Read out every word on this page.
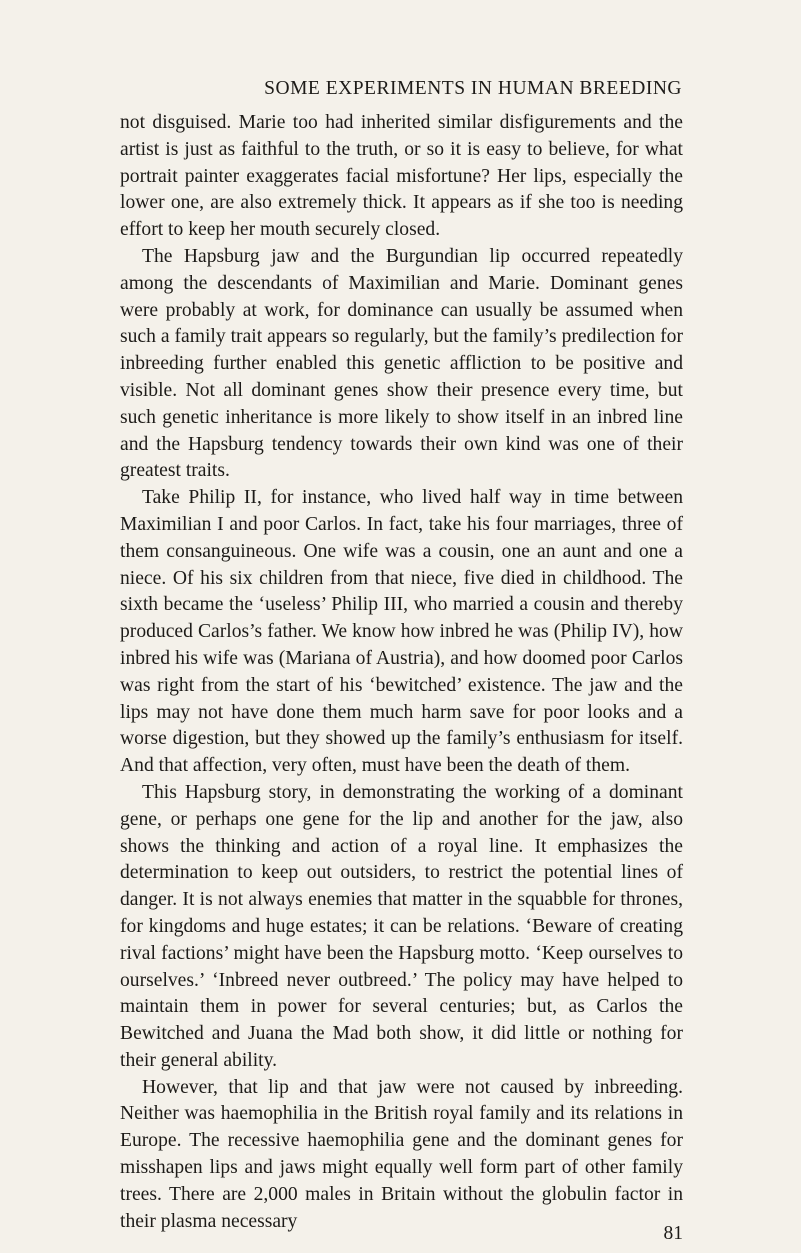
SOME EXPERIMENTS IN HUMAN BREEDING

not disguised. Marie too had inherited similar disfigurements and the artist is just as faithful to the truth, or so it is easy to believe, for what portrait painter exaggerates facial misfortune? Her lips, especially the lower one, are also extremely thick. It appears as if she too is needing effort to keep her mouth securely closed.

The Hapsburg jaw and the Burgundian lip occurred repeatedly among the descendants of Maximilian and Marie. Dominant genes were probably at work, for dominance can usually be assumed when such a family trait appears so regularly, but the family’s predilection for inbreeding further enabled this genetic affliction to be positive and visible. Not all dominant genes show their presence every time, but such genetic inheritance is more likely to show itself in an inbred line and the Hapsburg tendency towards their own kind was one of their greatest traits.

Take Philip II, for instance, who lived half way in time between Maximilian I and poor Carlos. In fact, take his four marriages, three of them consanguineous. One wife was a cousin, one an aunt and one a niece. Of his six children from that niece, five died in childhood. The sixth became the ‘useless’ Philip III, who married a cousin and thereby produced Carlos’s father. We know how inbred he was (Philip IV), how inbred his wife was (Mariana of Austria), and how doomed poor Carlos was right from the start of his ‘bewitched’ existence. The jaw and the lips may not have done them much harm save for poor looks and a worse digestion, but they showed up the family’s enthusiasm for itself. And that affection, very often, must have been the death of them.

This Hapsburg story, in demonstrating the working of a dominant gene, or perhaps one gene for the lip and another for the jaw, also shows the thinking and action of a royal line. It emphasizes the determination to keep out outsiders, to restrict the potential lines of danger. It is not always enemies that matter in the squabble for thrones, for kingdoms and huge estates; it can be relations. ‘Beware of creating rival factions’ might have been the Hapsburg motto. ‘Keep ourselves to ourselves.’ ‘Inbreed never outbreed.’ The policy may have helped to maintain them in power for several centuries; but, as Carlos the Bewitched and Juana the Mad both show, it did little or nothing for their general ability.

However, that lip and that jaw were not caused by inbreeding. Neither was haemophilia in the British royal family and its relations in Europe. The recessive haemophilia gene and the dominant genes for misshapen lips and jaws might equally well form part of other family trees. There are 2,000 males in Britain without the globulin factor in their plasma necessary

81
